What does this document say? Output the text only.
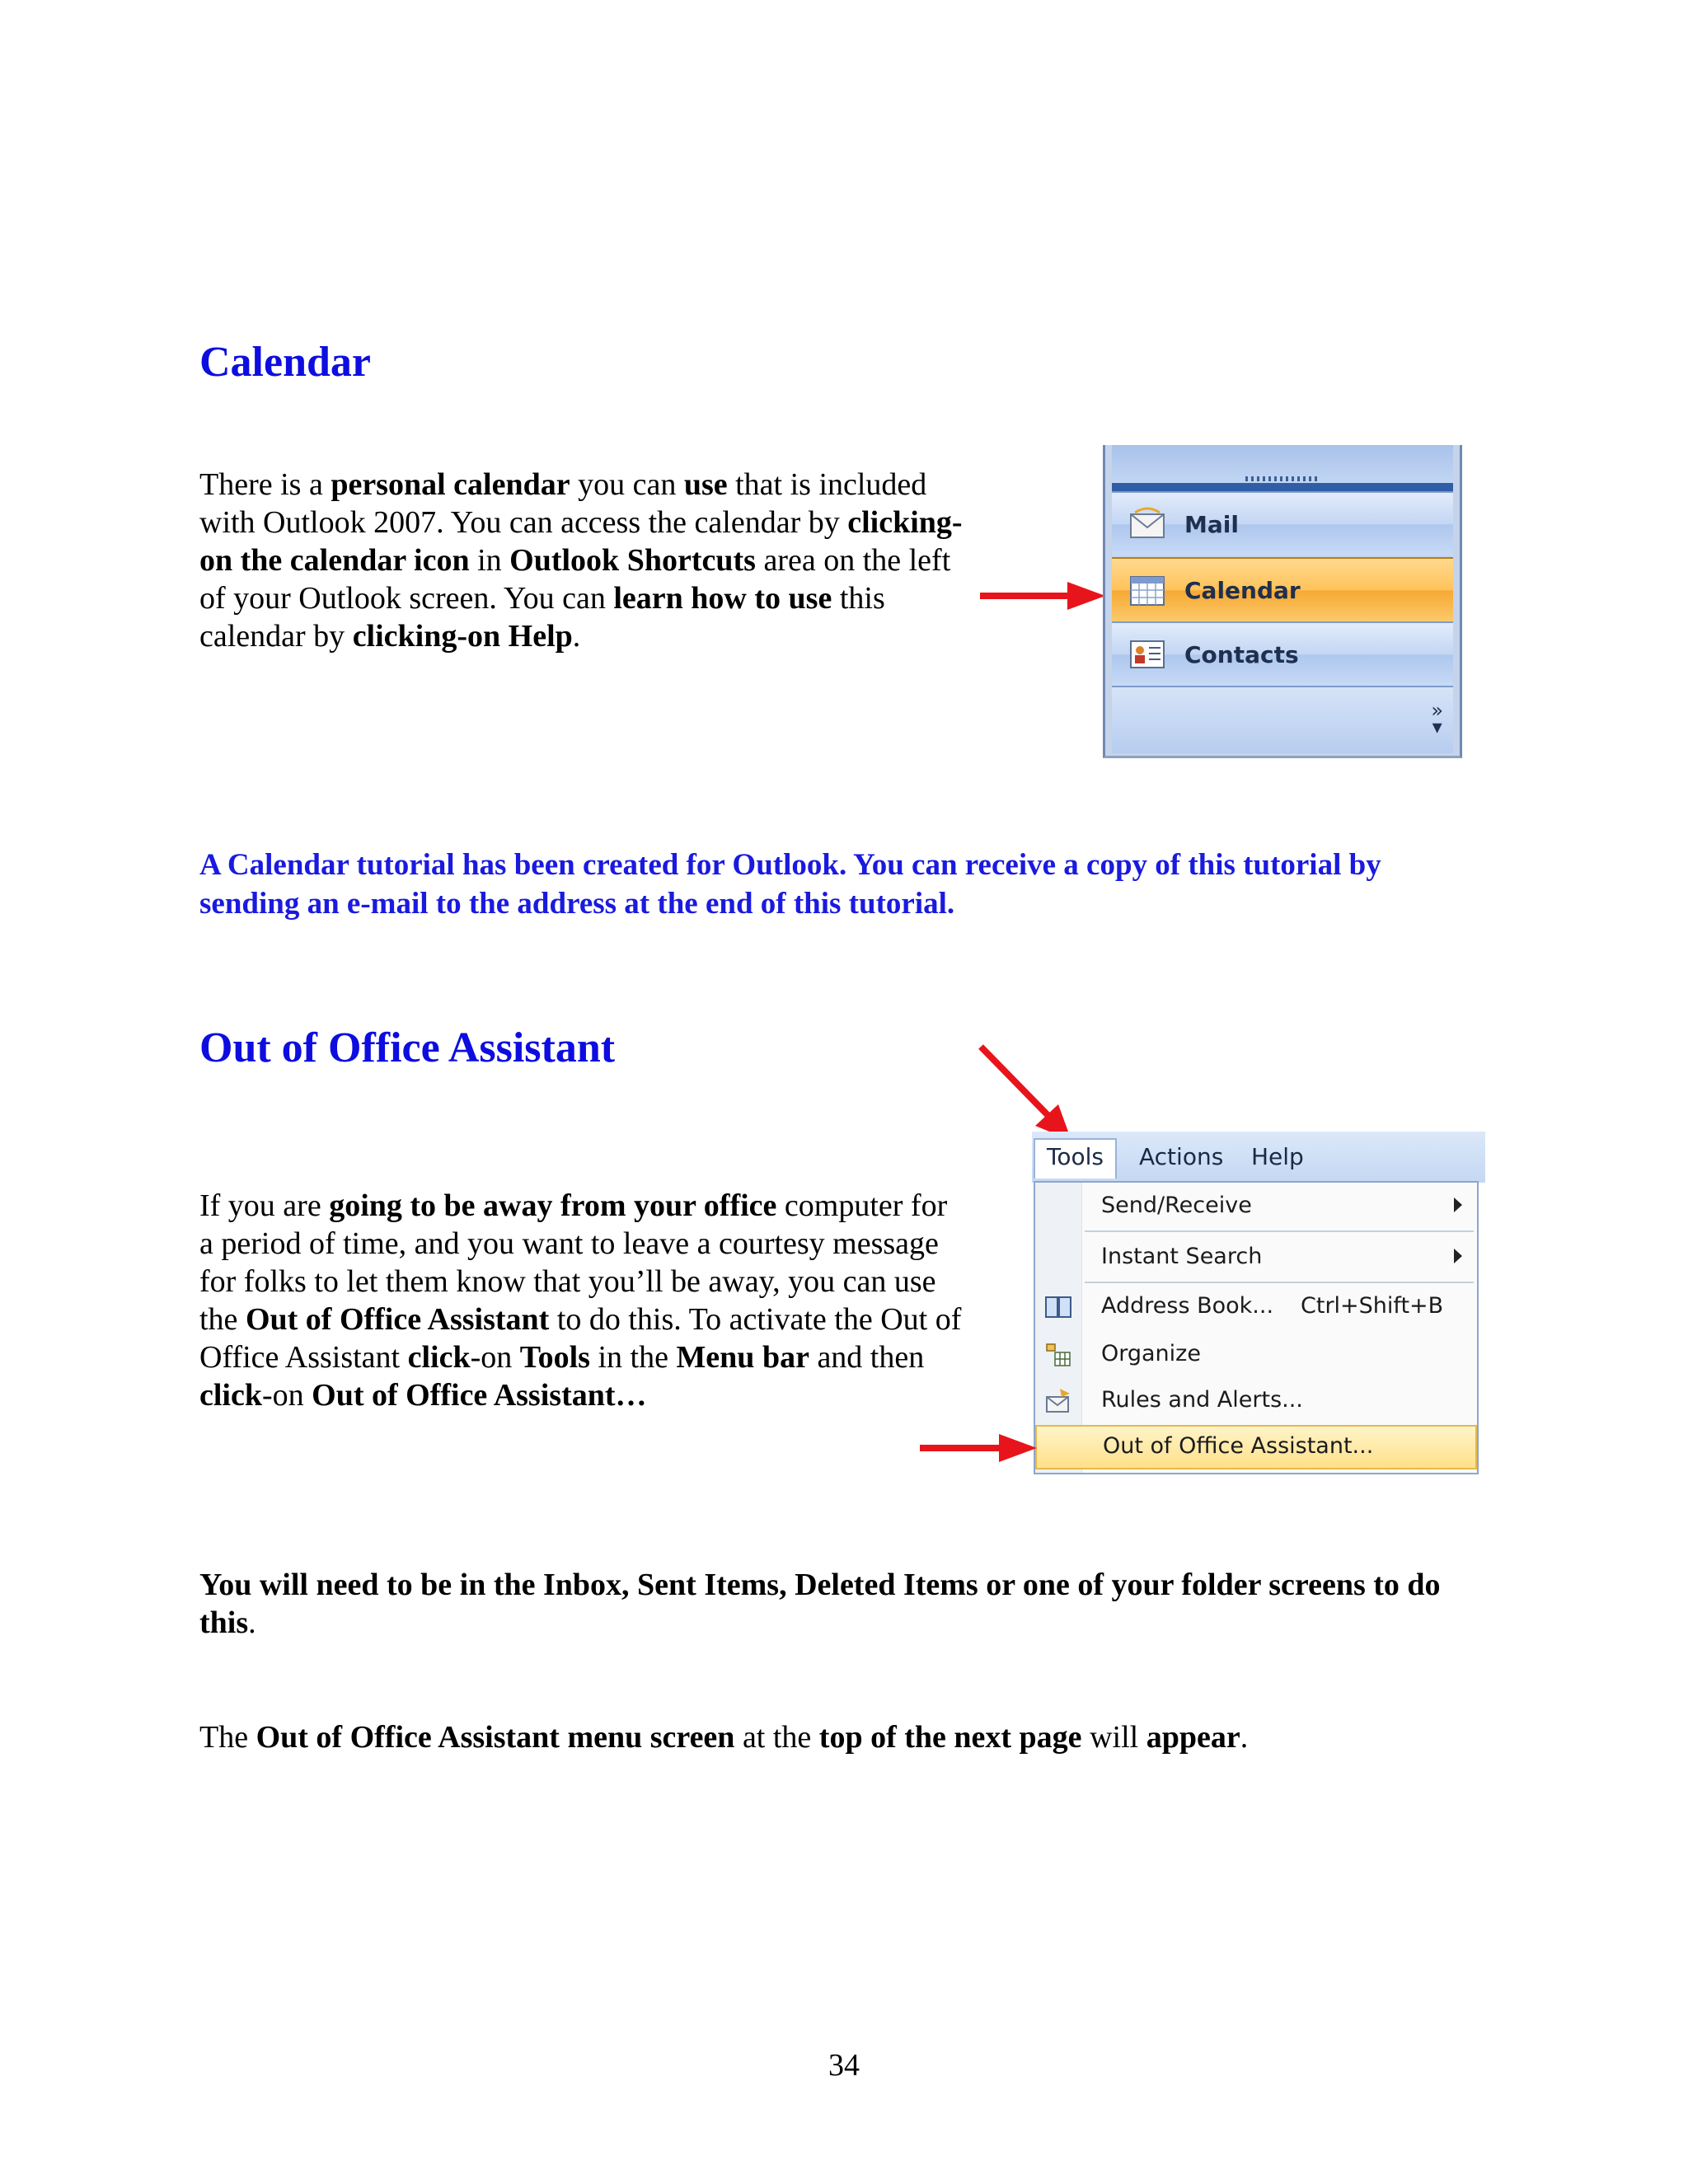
Calendar

There is a personal calendar you can use that is included with Outlook 2007. You can access the calendar by clicking-on the calendar icon in Outlook Shortcuts area on the left of your Outlook screen. You can learn how to use this calendar by clicking-on Help.

Mail
Calendar
Contacts
»
▾

A Calendar tutorial has been created for Outlook. You can receive a copy of this tutorial by sending an e-mail to the address at the end of this tutorial.

Out of Office Assistant

If you are going to be away from your office computer for a period of time, and you want to leave a courtesy message for folks to let them know that you’ll be away, you can use the Out of Office Assistant to do this. To activate the Out of Office Assistant click-on Tools in the Menu bar and then click-on Out of Office Assistant…

Tools	Actions Help
Send/Receive
Instant Search
Address Book... Ctrl+Shift+B
Organize
Rules and Alerts...
Out of Office Assistant...

You will need to be in the Inbox, Sent Items, Deleted Items or one of your folder screens to do this.

The Out of Office Assistant menu screen at the top of the next page will appear.

34
